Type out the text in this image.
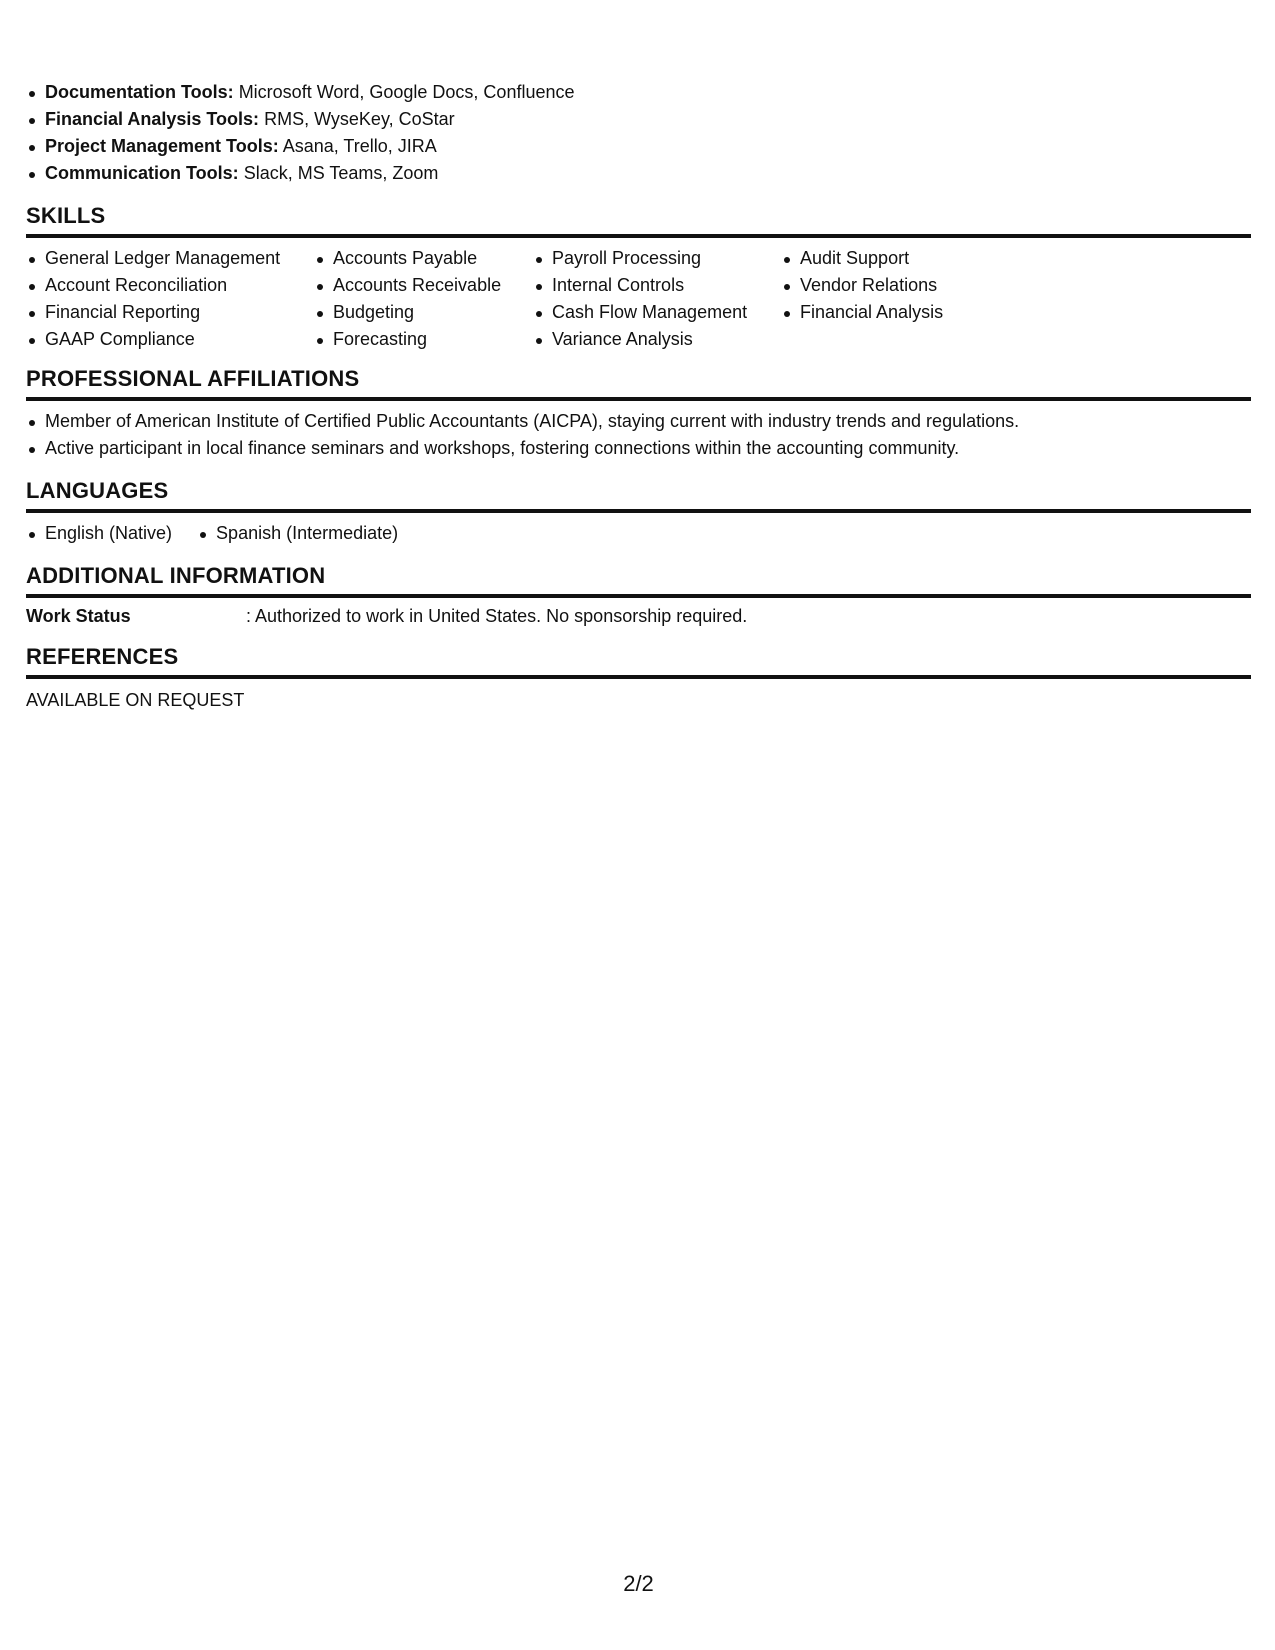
Documentation Tools: Microsoft Word, Google Docs, Confluence
Financial Analysis Tools: RMS, WyseKey, CoStar
Project Management Tools: Asana, Trello, JIRA
Communication Tools: Slack, MS Teams, Zoom
SKILLS
General Ledger Management
Account Reconciliation
Financial Reporting
GAAP Compliance
Accounts Payable
Accounts Receivable
Budgeting
Forecasting
Payroll Processing
Internal Controls
Cash Flow Management
Variance Analysis
Audit Support
Vendor Relations
Financial Analysis
PROFESSIONAL AFFILIATIONS
Member of American Institute of Certified Public Accountants (AICPA), staying current with industry trends and regulations.
Active participant in local finance seminars and workshops, fostering connections within the accounting community.
LANGUAGES
English (Native)	Spanish (Intermediate)
ADDITIONAL INFORMATION
Work Status	: Authorized to work in United States. No sponsorship required.
REFERENCES
AVAILABLE ON REQUEST
2/2
